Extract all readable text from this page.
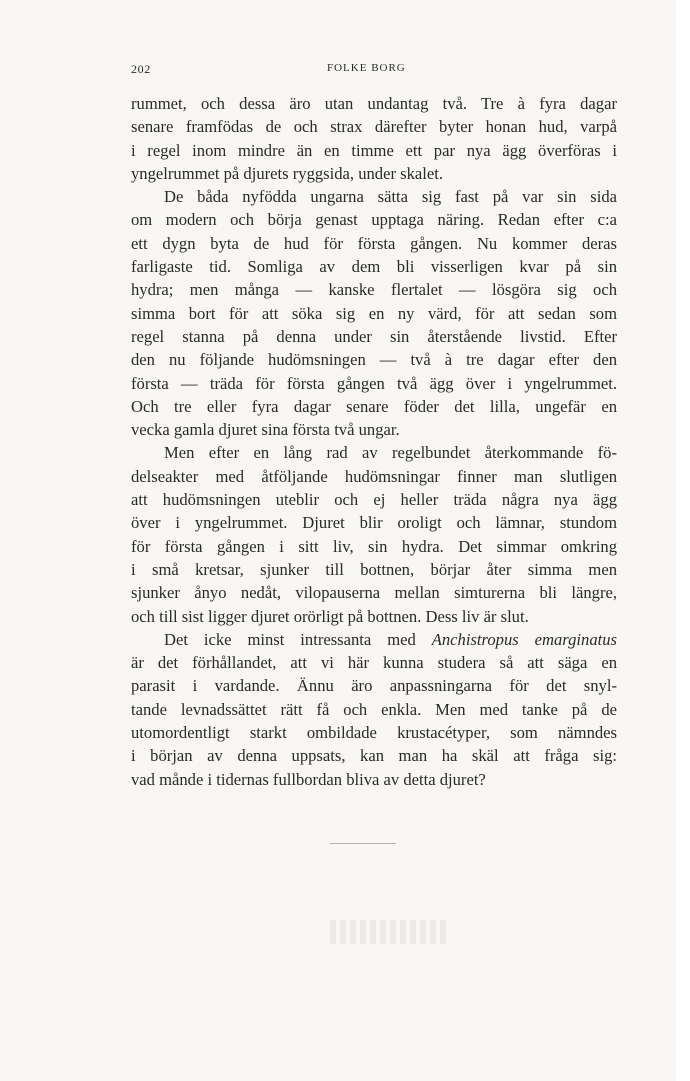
202	FOLKE BORG
rummet, och dessa äro utan undantag två. Tre à fyra dagar
senare framfödas de och strax därefter byter honan hud, varpå
i regel inom mindre än en timme ett par nya ägg överföras i
yngelrummet på djurets ryggsida, under skalet.
De båda nyfödda ungarna sätta sig fast på var sin sida
om modern och börja genast upptaga näring. Redan efter c:a
ett dygn byta de hud för första gången. Nu kommer deras
farligaste tid. Somliga av dem bli visserligen kvar på sin
hydra; men många — kanske flertalet — lösgöra sig och
simma bort för att söka sig en ny värd, för att sedan som
regel stanna på denna under sin återstående livstid. Efter
den nu följande hudömsningen — två à tre dagar efter den
första — träda för första gången två ägg över i yngelrummet.
Och tre eller fyra dagar senare föder det lilla, ungefär en
vecka gamla djuret sina första två ungar.
Men efter en lång rad av regelbundet återkommande fö-
delseakter med åtföljande hudömsningar finner man slutligen
att hudömsningen uteblir och ej heller träda några nya ägg
över i yngelrummet. Djuret blir oroligt och lämnar, stundom
för första gången i sitt liv, sin hydra. Det simmar omkring
i små kretsar, sjunker till bottnen, börjar åter simma men
sjunker ånyo nedåt, vilopauserna mellan simturerna bli längre,
och till sist ligger djuret orörligt på bottnen. Dess liv är slut.
Det icke minst intressanta med Anchistropus emarginatus
är det förhållandet, att vi här kunna studera så att säga en
parasit i vardande. Ännu äro anpassningarna för det snyl-
tande levnadssättet rätt få och enkla. Men med tanke på de
utomordentligt starkt ombildade krustacétyper, som nämndes
i början av denna uppsats, kan man ha skäl att fråga sig:
vad månde i tidernas fullbordan bliva av detta djuret?
